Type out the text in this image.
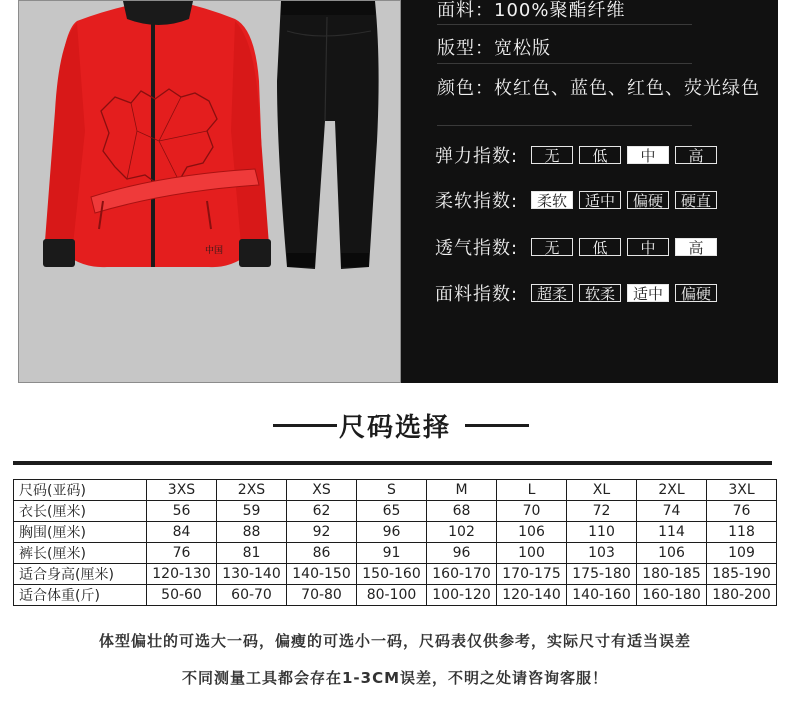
中国
面料：100%聚酯纤维
版型：宽松版
颜色：枚红色、蓝色、红色、荧光绿色
弹力指数:	无	低	中	高
柔软指数:	柔软	适中	偏硬	硬直
透气指数:	无	低	中	高
面料指数:	超柔	软柔	适中	偏硬
尺码选择
尺码(亚码)	3XS	2XS	XS	S	M	L	XL	2XL	3XL
衣长(厘米)	56	59	62	65	68	70	72	74	76
胸围(厘米)	84	88	92	96	102	106	110	114	118
裤长(厘米)	76	81	86	91	96	100	103	106	109
适合身高(厘米)	120-130	130-140	140-150	150-160	160-170	170-175	175-180	180-185	185-190
适合体重(斤)	50-60	60-70	70-80	80-100	100-120	120-140	140-160	160-180	180-200
体型偏壮的可选大一码，偏瘦的可选小一码，尺码表仅供参考，实际尺寸有适当误差
不同测量工具都会存在1-3CM误差，不明之处请咨询客服！
